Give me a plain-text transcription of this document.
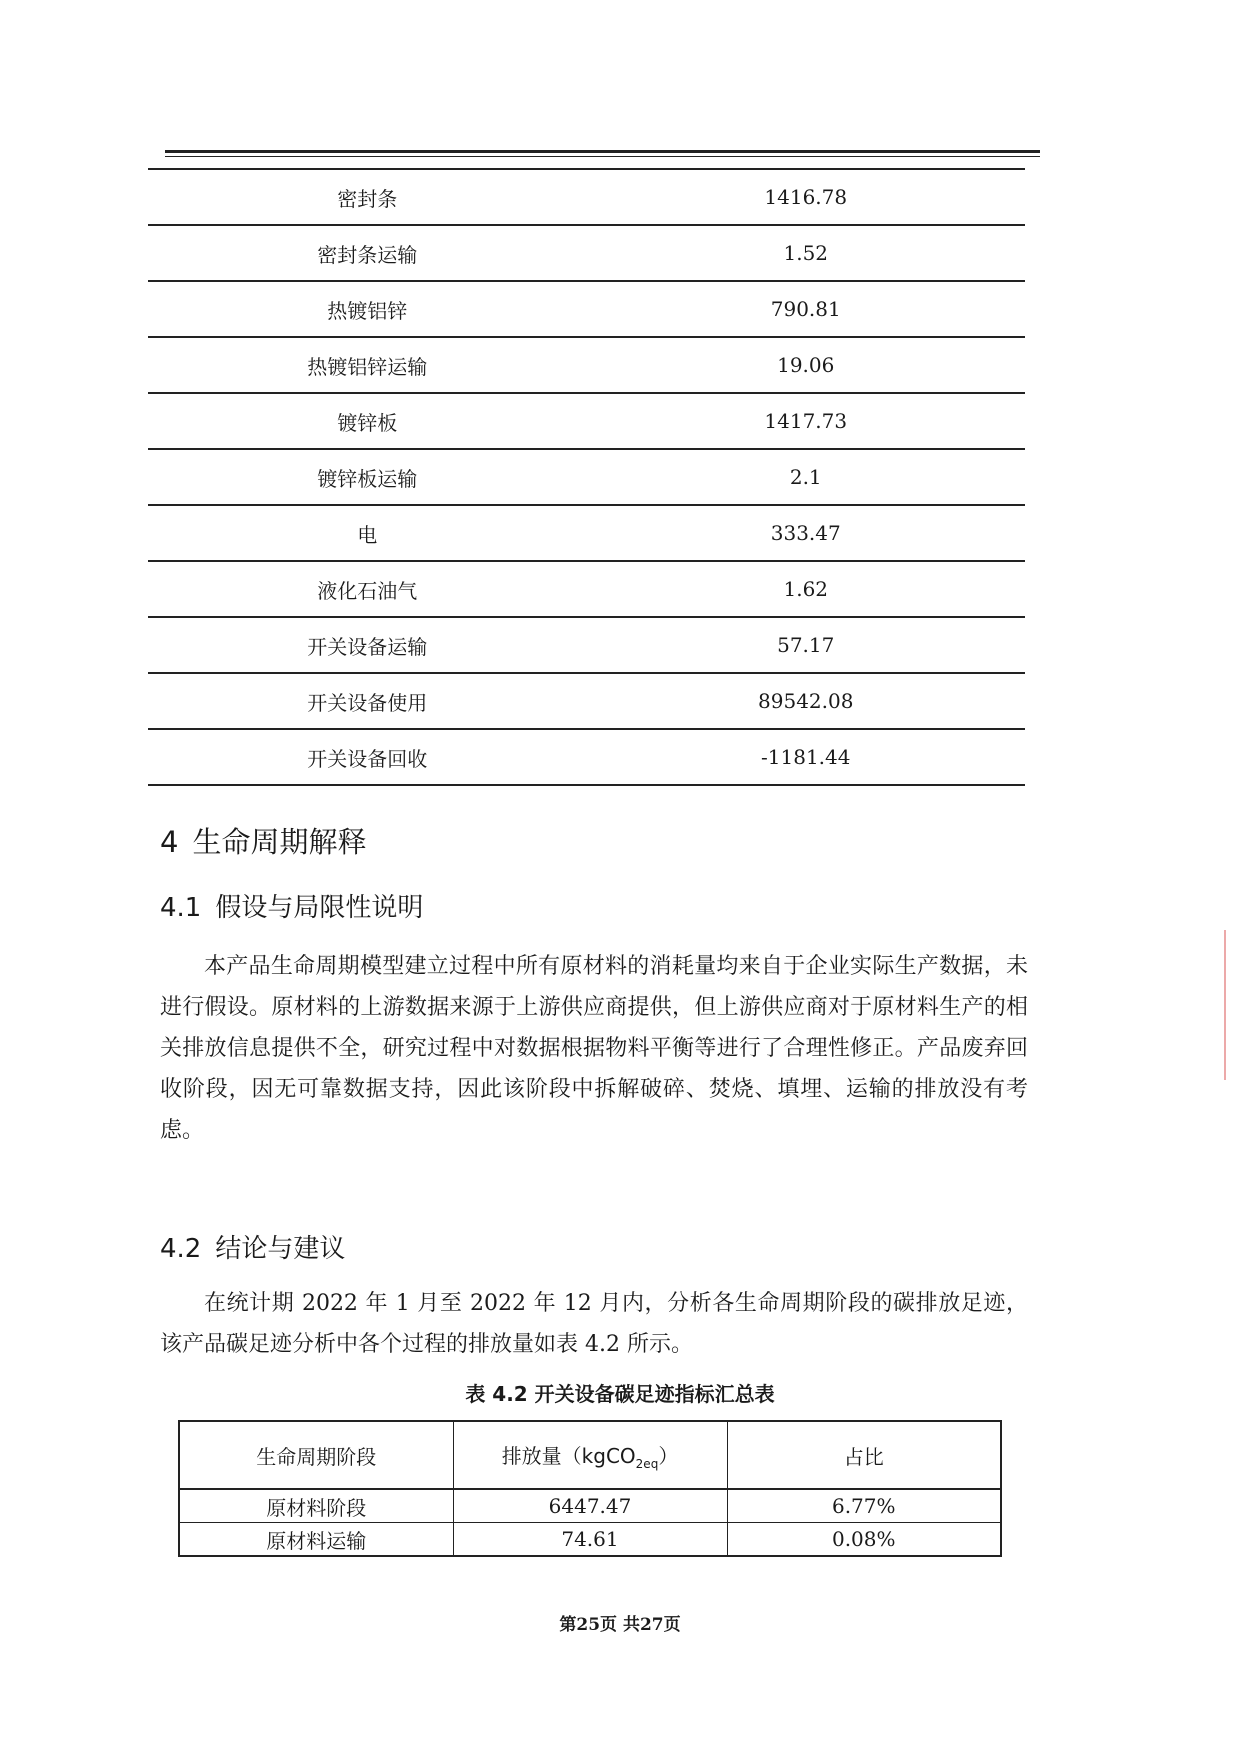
密封条	1416.78
密封条运输	1.52
热镀铝锌	790.81
热镀铝锌运输	19.06
镀锌板	1417.73
镀锌板运输	2.1
电	333.47
液化石油气	1.62
开关设备运输	57.17
开关设备使用	89542.08
开关设备回收	-1181.44
4 生命周期解释
4.1 假设与局限性说明

本产品生命周期模型建立过程中所有原材料的消耗量均来自于企业实际生产数据，未进行假设。原材料的上游数据来源于上游供应商提供，但上游供应商对于原材料生产的相关排放信息提供不全，研究过程中对数据根据物料平衡等进行了合理性修正。产品废弃回收阶段，因无可靠数据支持，因此该阶段中拆解破碎、焚烧、填埋、运输的排放没有考虑。

4.2 结论与建议

在统计期 2022 年 1 月至 2022 年 12 月内，分析各生命周期阶段的碳排放足迹，该产品碳足迹分析中各个过程的排放量如表 4.2 所示。

表 4.2 开关设备碳足迹指标汇总表
生命周期阶段	排放量（kgCO$_{2eq}$）	占比
原材料阶段	6447.47	6.77%
原材料运输	74.61	0.08%
第25页 共27页
